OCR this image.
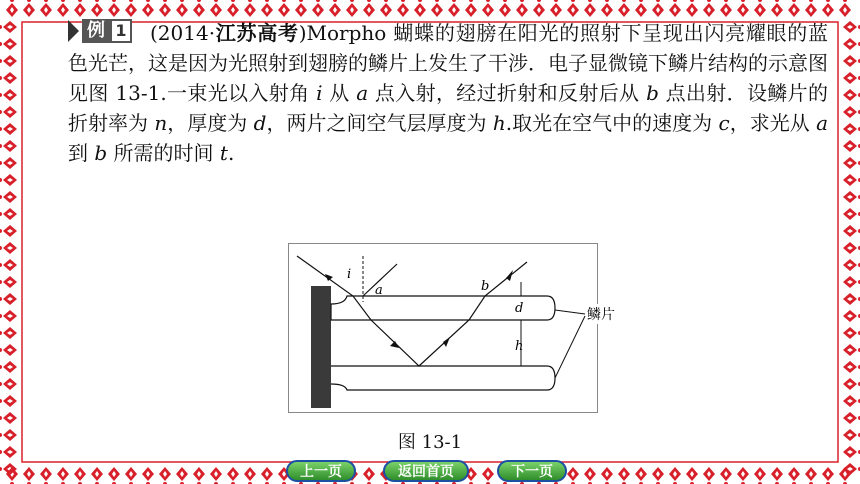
例 1 (2014·江苏高考)Morpho 蝴蝶的翅膀在阳光的照射下呈现出闪亮耀眼的蓝色光芒，这是因为光照射到翅膀的鳞片上发生了干涉．电子显微镜下鳞片结构的示意图见图 13-1.一束光以入射角 i 从 a 点入射，经过折射和反射后从 b 点出射．设鳞片的折射率为 n，厚度为 d，两片之间空气层厚度为 h.取光在空气中的速度为 c，求光从 a 到 b 所需的时间 t.

i
a	b
d
h
鳞片
图 13-1
上一页	返回首页	下一页
